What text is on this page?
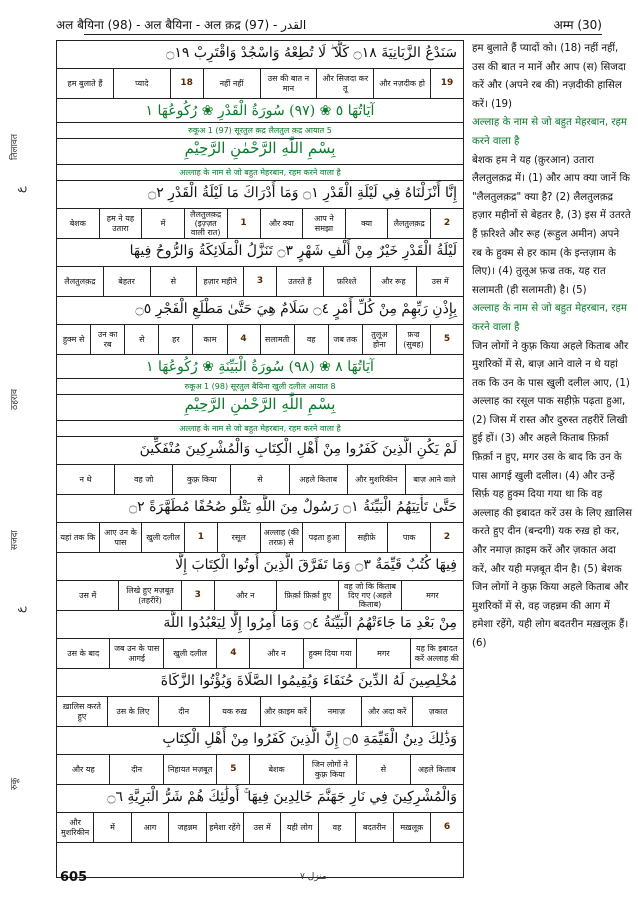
अल बैयिना (98) - अल बैयिना - अल क़द्र (97) - القدر	अम्म (30)
तिलावत
ع
ठहराव
सजदा
ع
रुकू
سَنَدْعُ الزَّبَانِيَةَ ۝١٨ كَلَّا ۖ لَا تُطِعْهُ وَاسْجُدْ وَاقْتَرِبْ ۝١٩
19
और नज़दीक हो
और सिजदा कर तू
उस की बात न मान
नहीं नहीं
18
प्यादे
हम बुलाते हैं
آيَاتُهَا ٥ ❀ (٩٧) سُورَةُ الْقَدْرِ ❀ رُكُوعُهَا ١
रुकूअ 1 (97) सूरतुल क़द्र लैलतुल क़द्र आयात 5
بِسْمِ اللّٰهِ الرَّحْمٰنِ الرَّحِيْمِ
अल्लाह के नाम से जो बहुत मेहरबान, रहम करने वाला है
إِنَّا أَنْزَلْنَاهُ فِي لَيْلَةِ الْقَدْرِ ۝١ وَمَا أَدْرَاكَ مَا لَيْلَةُ الْقَدْرِ ۝٢
2
लैलतुलक़द्र
क्या
आप ने समझा
और क्या
1
लैलतुलक़द्र (इज़्ज़त वाली रात)
में
हम ने यह उतारा
बेशक
لَيْلَةُ الْقَدْرِ خَيْرٌ مِنْ أَلْفِ شَهْرٍ ۝٣ تَنَزَّلُ الْمَلَائِكَةُ وَالرُّوحُ فِيهَا
उस में
और रूह
फ़रिश्ते
उतरते हैं
3
हज़ार महीने
से
बेहतर
लैलतुलक़द्र
بِإِذْنِ رَبِّهِمْ مِنْ كُلِّ أَمْرٍ ۝٤ سَلَامٌ هِيَ حَتَّىٰ مَطْلَعِ الْفَجْرِ ۝٥
5
फ़ज्र (सुबह)
तुलूअ होना
जब तक
वह
सलामती
4
काम
हर
से
उन का रब
हुक्म से
آيَاتُهَا ٨ ❀ (٩٨) سُورَةُ الْبَيِّنَةِ ❀ رُكُوعُهَا ١
रुकूअ 1 (98) सूरतुल बैयिना खुली दलील आयात 8
بِسْمِ اللّٰهِ الرَّحْمٰنِ الرَّحِيْمِ
अल्लाह के नाम से जो बहुत मेहरबान, रहम करने वाला है
لَمْ يَكُنِ الَّذِينَ كَفَرُوا مِنْ أَهْلِ الْكِتَابِ وَالْمُشْرِكِينَ مُنْفَكِّينَ
बाज़ आने वाले
और मुशरिकीन
अहले किताब
से
कुफ़्र किया
वह जो
न थे
حَتَّىٰ تَأْتِيَهُمُ الْبَيِّنَةُ ۝١ رَسُولٌ مِنَ اللَّهِ يَتْلُو صُحُفًا مُطَهَّرَةً ۝٢
2
पाक
सहीफ़े
पढ़ता हुआ
अल्लाह (की तरफ़) से
रसूल
1
खुली दलील
आए उन के पास
यहां तक कि
فِيهَا كُتُبٌ قَيِّمَةٌ ۝٣ وَمَا تَفَرَّقَ الَّذِينَ أُوتُوا الْكِتَابَ إِلَّا
मगर
वह जो कि किताब दिए गए (अहले किताब)
फ़िर्क़ा फ़िर्क़ा हुए
और न
3
लिखे हुए मज़बूत (तहरीरें)
उस में
مِنْ بَعْدِ مَا جَاءَتْهُمُ الْبَيِّنَةُ ۝٤ وَمَا أُمِرُوا إِلَّا لِيَعْبُدُوا اللَّهَ
यह कि इबादत करें अल्लाह की
मगर
हुक्म दिया गया
और न
4
खुली दलील
जब उन के पास आगई
उस के बाद
مُخْلِصِينَ لَهُ الدِّينَ حُنَفَاءَ وَيُقِيمُوا الصَّلَاةَ وَيُؤْتُوا الزَّكَاةَ
ज़कात
और अदा करें
नमाज़
और क़ाइम करें
यक रुख़
दीन
उस के लिए
ख़ालिस करते हुए
وَذَٰلِكَ دِينُ الْقَيِّمَةِ ۝٥ إِنَّ الَّذِينَ كَفَرُوا مِنْ أَهْلِ الْكِتَابِ
अहले किताब
से
जिन लोगों ने कुफ़्र किया
बेशक
5
निहायत मज़बूत
दीन
और यह
وَالْمُشْرِكِينَ فِي نَارِ جَهَنَّمَ خَالِدِينَ فِيهَا ۚ أُولَٰئِكَ هُمْ شَرُّ الْبَرِيَّةِ ۝٦
6
मख़लूक़
बदतरीन
वह
यही लोग
उस में
हमेशा रहेंगे
जहन्नम
आग
में
और मुशरिकीन

हम बुलाते हैं प्यादों को। (18) नहीं नहीं, उस की बात न मानें और आप (स) सिजदा करें और (अपने रब की) नज़दीकी हासिल करें। (19)

अल्लाह के नाम से जो बहुत मेहरबान, रहम करने वाला है

बेशक हम ने यह (क़ुरआन) उतारा लैलतुलक़द्र में। (1) और आप क्या जानें कि "लैलतुलक़द्र" क्या है? (2) लैलतुलक़द्र हज़ार महीनों से बेहतर है, (3) इस में उतरते हैं फ़रिश्ते और रूह (रूहुल अमीन) अपने रब के हुक्म से हर काम (के इन्तज़ाम के लिए)। (4) तुलूअ फ़ज्र तक, यह रात सलामती (ही सलामती) है। (5)

अल्लाह के नाम से जो बहुत मेहरबान, रहम करने वाला है

जिन लोगों ने कुफ़्र किया अहले किताब और मुशरिकों में से, बाज़ आने वाले न थे यहां तक कि उन के पास खुली दलील आए, (1) अल्लाह का रसूल पाक सहीफ़े पढ़ता हुआ, (2) जिस में रास्त और दुरुस्त तहरीरें लिखी हुई हों। (3) और अहले किताब फ़िर्क़ा फ़िर्क़ा न हुए, मगर उस के बाद कि उन के पास आगई खुली दलील। (4) और उन्हें सिर्फ़ यह हुक्म दिया गया था कि वह अल्लाह की इबादत करें उस के लिए ख़ालिस करते हुए दीन (बन्दगी) यक रुख़ हो कर, और नमाज़ क़ाइम करें और ज़कात अदा करें, और यही मज़बूत दीन है। (5) बेशक जिन लोगों ने कुफ़्र किया अहले किताब और मुशरिकों में से, वह जहन्नम की आग में हमेशा रहेंगे, यही लोग बदतरीन मख़लूक़ हैं। (6)

605	منزل ٧
